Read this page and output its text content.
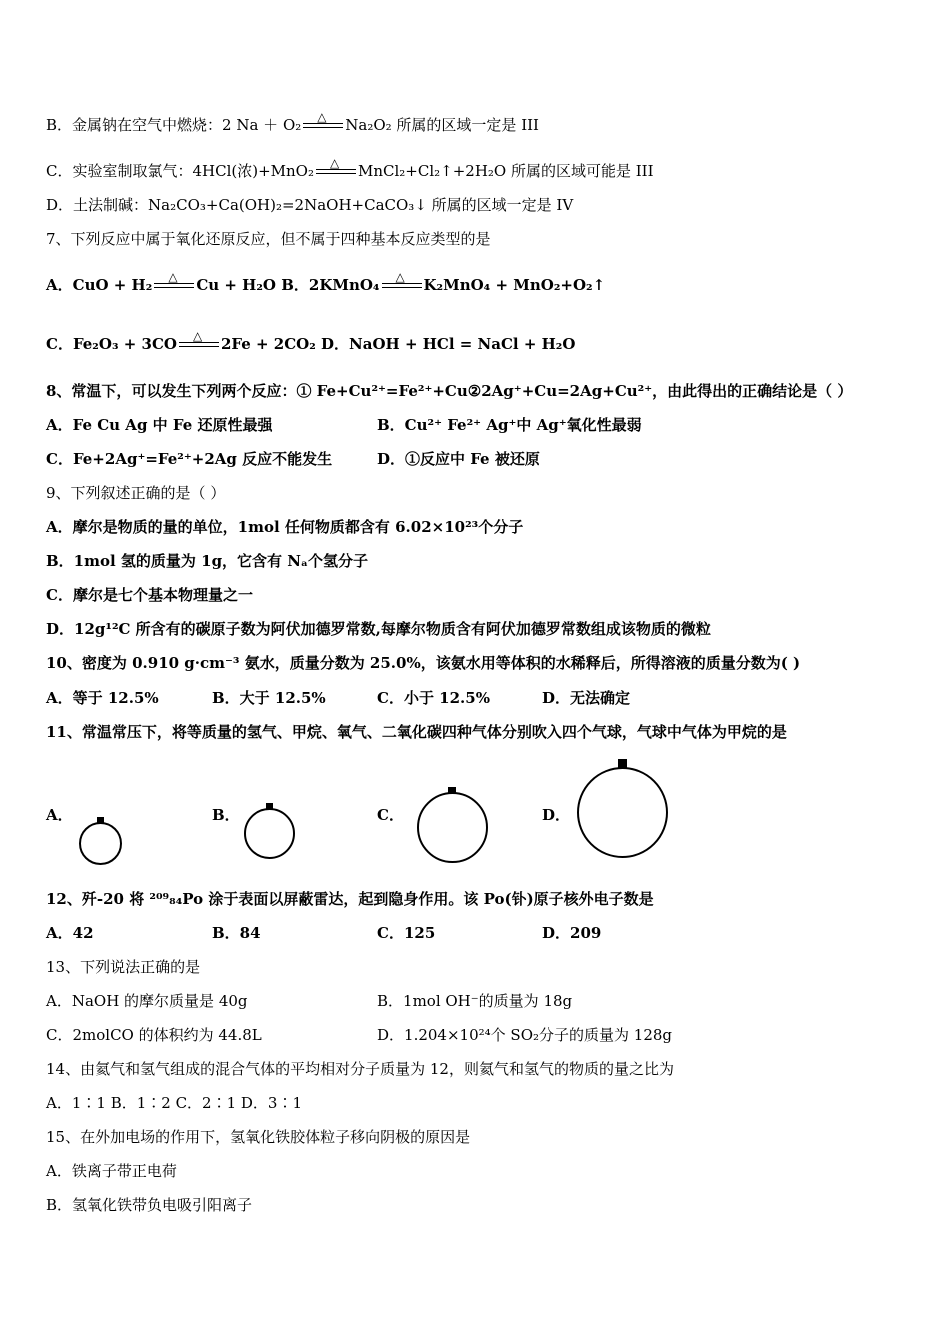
B．金属钠在空气中燃烧：2 Na ＋ O₂ △ Na₂O₂ 所属的区域一定是 III
C．实验室制取氯气：4HCl(浓)+MnO₂ △ MnCl₂+Cl₂↑+2H₂O 所属的区域可能是 III
D．土法制碱：Na₂CO₃+Ca(OH)₂=2NaOH+CaCO₃↓ 所属的区域一定是 IV
7、下列反应中属于氧化还原反应，但不属于四种基本反应类型的是
A．CuO + H₂ △ Cu + H₂O B．2KMnO₄ △ K₂MnO₄ + MnO₂+O₂↑
C．Fe₂O₃ + 3CO △ 2Fe + 2CO₂ D．NaOH + HCl = NaCl + H₂O
8、常温下，可以发生下列两个反应：① Fe+Cu²⁺=Fe²⁺+Cu②2Ag⁺+Cu=2Ag+Cu²⁺，由此得出的正确结论是（ ）
A．Fe Cu Ag 中 Fe 还原性最强	B．Cu²⁺ Fe²⁺ Ag⁺中 Ag⁺氧化性最弱
C．Fe+2Ag⁺=Fe²⁺+2Ag 反应不能发生	D．①反应中 Fe 被还原
9、下列叙述正确的是（ ）
A．摩尔是物质的量的单位，1mol 任何物质都含有 6.02×10²³个分子
B．1mol 氢的质量为 1g，它含有 Nₐ个氢分子
C．摩尔是七个基本物理量之一
D．12g¹²C 所含有的碳原子数为阿伏加德罗常数,每摩尔物质含有阿伏加德罗常数组成该物质的微粒
10、密度为 0.910 g·cm⁻³ 氨水，质量分数为 25.0%，该氨水用等体积的水稀释后，所得溶液的质量分数为( )
A．等于 12.5%	B．大于 12.5%	C．小于 12.5%	D．无法确定
11、常温常压下，将等质量的氢气、甲烷、氧气、二氧化碳四种气体分别吹入四个气球，气球中气体为甲烷的是
A．	B．	C．	D．
12、歼-20 将 ²⁰⁹₈₄Po 涂于表面以屏蔽雷达，起到隐身作用。该 Po(钋)原子核外电子数是
A．42	B．84	C．125	D．209
13、下列说法正确的是
A．NaOH 的摩尔质量是 40g	B．1mol OH⁻的质量为 18g
C．2molCO 的体积约为 44.8L	D．1.204×10²⁴个 SO₂分子的质量为 128g
14、由氦气和氢气组成的混合气体的平均相对分子质量为 12，则氦气和氢气的物质的量之比为
A．1∶1 B．1∶2 C．2∶1 D．3∶1
15、在外加电场的作用下，氢氧化铁胶体粒子移向阴极的原因是
A．铁离子带正电荷
B．氢氧化铁带负电吸引阳离子
